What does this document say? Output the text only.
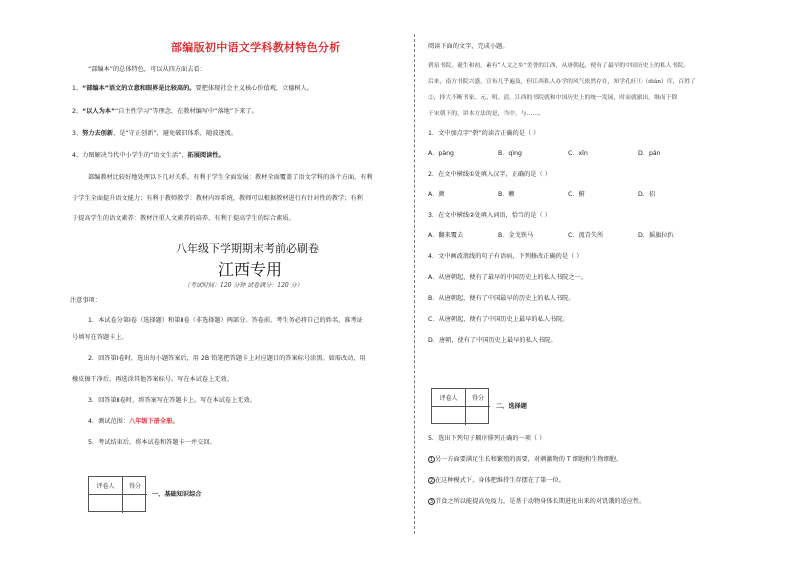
部编版初中语文学科教材特色分析
“部编本”的总体特色，可以从四方面去看：
1、“部编本”语文的立意和眼界是比较高的。要把体现社会主义核心价值观，立德树人。
2、“以人为本”“自主性学习”等理念，在教材编写中“落地”下来了。
3、努力去创新，是“守正创新”，避免破旧体系，随波逐流。
4、力图解决当代中小学生的“语文生活”，拓展阅读性。
部编教材比较好地处理以下几对关系，有利于学生全面发展：教材全面覆盖了语文学科的各个方面，有利
于学生全面提升语文能力；有利于教师教学：教材内容系统，教师可以根据教材进行有针对性的教学；有利
于提高学生的语文素养：教材注重人文素养的培养，有利于提高学生的综合素质。
八年级下学期期末考前必刷卷
江西专用
（考试时间：120 分钟 试卷满分：120 分）
注意事项：
1．本试卷分第Ⅰ卷（选择题）和第Ⅱ卷（非选择题）两部分。答卷前，考生务必将自己的姓名、准考证
号填写在答题卡上。
2．回答第Ⅰ卷时，选出每小题答案后，用 2B 铅笔把答题卡上对应题目的答案标号涂黑。如需改动，用
橡皮擦干净后，再选涂其他答案标号。写在本试卷上无效。
3．回答第Ⅱ卷时，将答案写在答题卡上。写在本试卷上无效。
4．测试范围：八年级下册全册。
5．考试结束后，将本试卷和答题卡一并交回。
评卷人	得分
一、基础知识综合
阅读下面的文字，完成小题。
碧泉书院，诞生和初，素有“人文之乡”美誉的江西，从唐朝起，便有了最早的中国历史上的私人书院。
后来，南方书院兴盛，宣布几乎遍及，但江西私人办学的风气依然存在，知学孔旺①（diǎn）库，百姓了
②，择大不断书家。元、明、清，江西的书院就和中国历史上的统一发展，时而就旅出，继而于除
于宋朝下的，讲本方法的是，当中，与……。
1．文中加点字“碧”的读音正确的是（ ）
A．pàng	B．qìng	C．xǐn	D．pán
2．在文中横线①处填入汉字，正确的是（ ）
A．颜	B．颗	C．俯	D．招
3．在文中横线②处填入词语，恰当的是（ ）
A．翻来覆去	B．金戈铁马	C．流青失所	D．摇旗拉扒
4．文中画波浪线的句子有语病，下列修改正确的是（ ）
A．从唐朝起，便有了最早的中国历史上的私人书院之一。
B．从唐朝起，便有了中国最早的历史上的私人书院。
C．从唐朝起，便有了中国历史上最早的私人书院。
D．唐朝，使有了中国历史上最早的私人书院。
评卷人	得分
二、选择题
5．选出下列句子顺序排列正确的一项（ ）
1 另一方面要满足生长和繁殖的需要，对刺激物的 T 细胞和生物细胞。
2 在这种模式下，身体把维持生存摆在了第一位。
3 节食之所以能提高免疫力，是基于动物身体长期进化出来的对饥饿的适应性。
